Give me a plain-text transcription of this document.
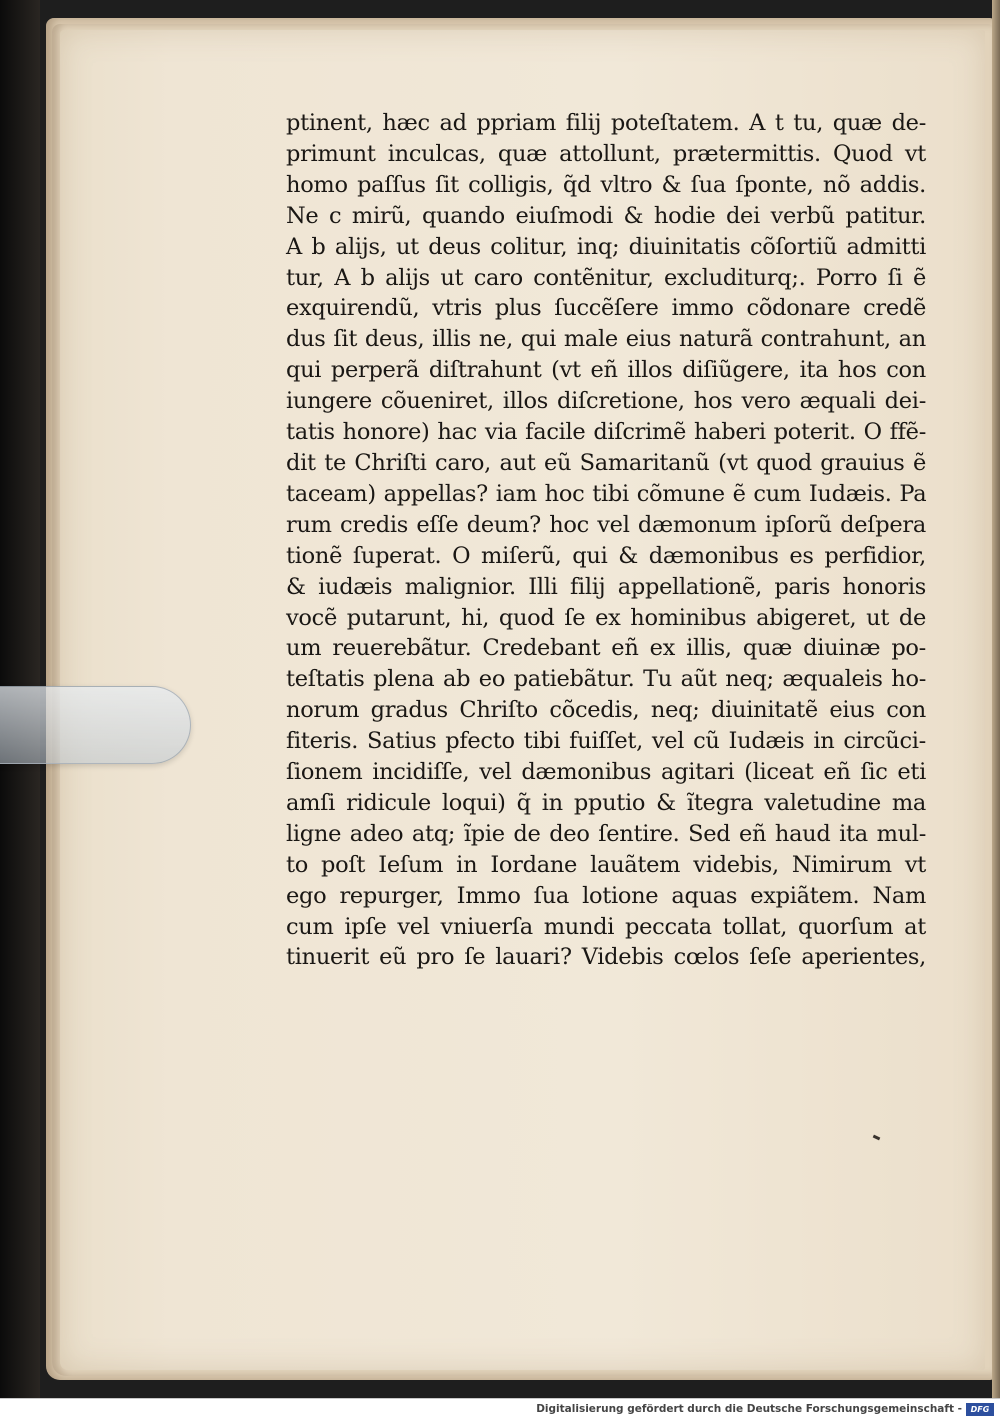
ptinent, hæc ad ppriam filij poteſtatem. A t tu, quæ de-
primunt inculcas, quæ attollunt, prætermittis. Quod vt
homo paſſus ſit colligis, q̃d vltro & ſua ſponte, nõ addis.
Ne c mirũ, quando eiuſmodi & hodie dei verbũ patitur.
A b alijs, ut deus colitur, inq; diuinitatis cõſortiũ admitti
tur, A b alijs ut caro contẽnitur, excluditurq;. Porro ſi ẽ
exquirendũ, vtris plus ſuccẽſere immo cõdonare credẽ
dus ſit deus, illis ne, qui male eius naturã contrahunt, an
qui perperã diſtrahunt (vt eñ illos diſiũgere, ita hos con
iungere cõueniret, illos diſcretione, hos vero æquali dei-
tatis honore) hac via facile diſcrimẽ haberi poterit. O ffẽ-
dit te Chriſti caro, aut eũ Samaritanũ (vt quod grauius ẽ
taceam) appellas? iam hoc tibi cõmune ẽ cum Iudæis. Pa
rum credis eſſe deum? hoc vel dæmonum ipſorũ deſpera
tionẽ ſuperat. O miſerũ, qui & dæmonibus es perfidior,
& iudæis malignior. Illi filij appellationẽ, paris honoris
vocẽ putarunt, hi, quod ſe ex hominibus abigeret, ut de
um reuerebãtur. Credebant eñ ex illis, quæ diuinæ po-
teſtatis plena ab eo patiebãtur. Tu aũt neq; æqualeis ho-
norum gradus Chriſto cõcedis, neq; diuinitatẽ eius con
fiteris. Satius pfecto tibi fuiſſet, vel cũ Iudæis in circũci-
ſionem incidiſſe, vel dæmonibus agitari (liceat eñ ſic eti
amſi ridicule loqui) q̃ in pputio & ĩtegra valetudine ma
ligne adeo atq; ĩpie de deo ſentire. Sed eñ haud ita mul-
to poſt Ieſum in Iordane lauãtem videbis, Nimirum vt
ego repurger, Immo ſua lotione aquas expiãtem. Nam
cum ipſe vel vniuerſa mundi peccata tollat, quorſum at
tinuerit eũ pro ſe lauari? Videbis cœlos ſeſe aperientes,
Digitalisierung gefördert durch die Deutsche Forschungsgemeinschaft -	DFG
